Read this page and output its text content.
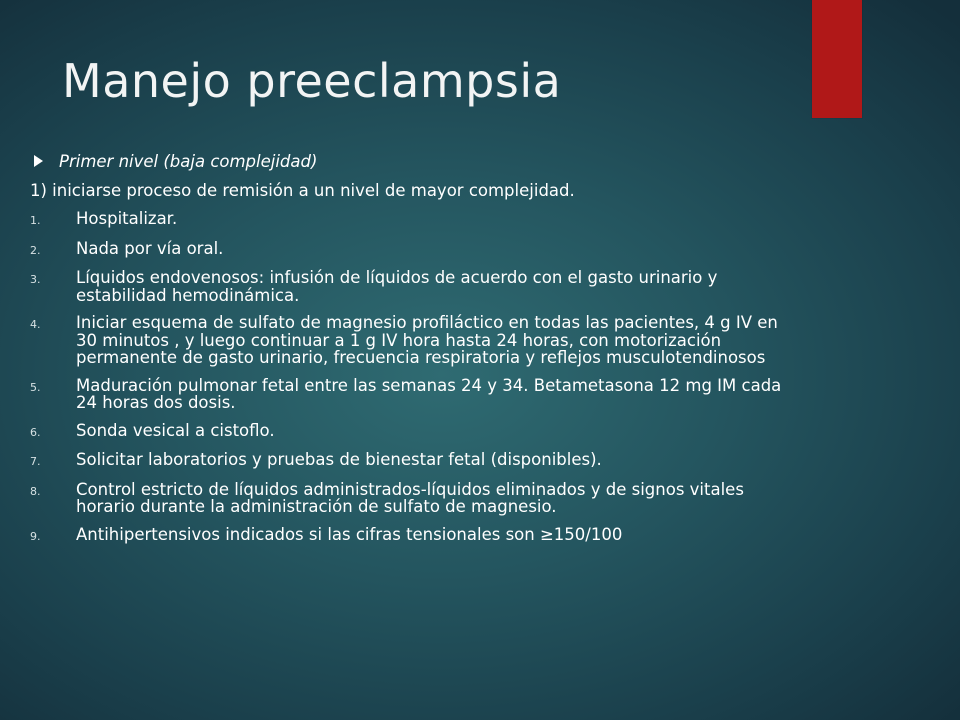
Manejo preeclampsia
Primer nivel (baja complejidad)
1) iniciarse proceso de remisión a un nivel de mayor complejidad.
1.	Hospitalizar.
2.	Nada por vía oral.
3.	Líquidos endovenosos: infusión de líquidos de acuerdo con el gasto urinario y estabilidad hemodinámica.
4.	Iniciar esquema de sulfato de magnesio profiláctico en todas las pacientes, 4 g IV en 30 minutos , y luego continuar a 1 g IV hora hasta 24 horas, con motorización permanente de gasto urinario, frecuencia respiratoria y reflejos musculotendinosos
5.	Maduración pulmonar fetal entre las semanas 24 y 34. Betametasona 12 mg IM cada 24 horas dos dosis.
6.	Sonda vesical a cistoflo.
7.	Solicitar laboratorios y pruebas de bienestar fetal (disponibles).
8.	Control estricto de líquidos administrados-líquidos eliminados y de signos vitales horario durante la administración de sulfato de magnesio.
9.	Antihipertensivos indicados si las cifras tensionales son ≥150/100
